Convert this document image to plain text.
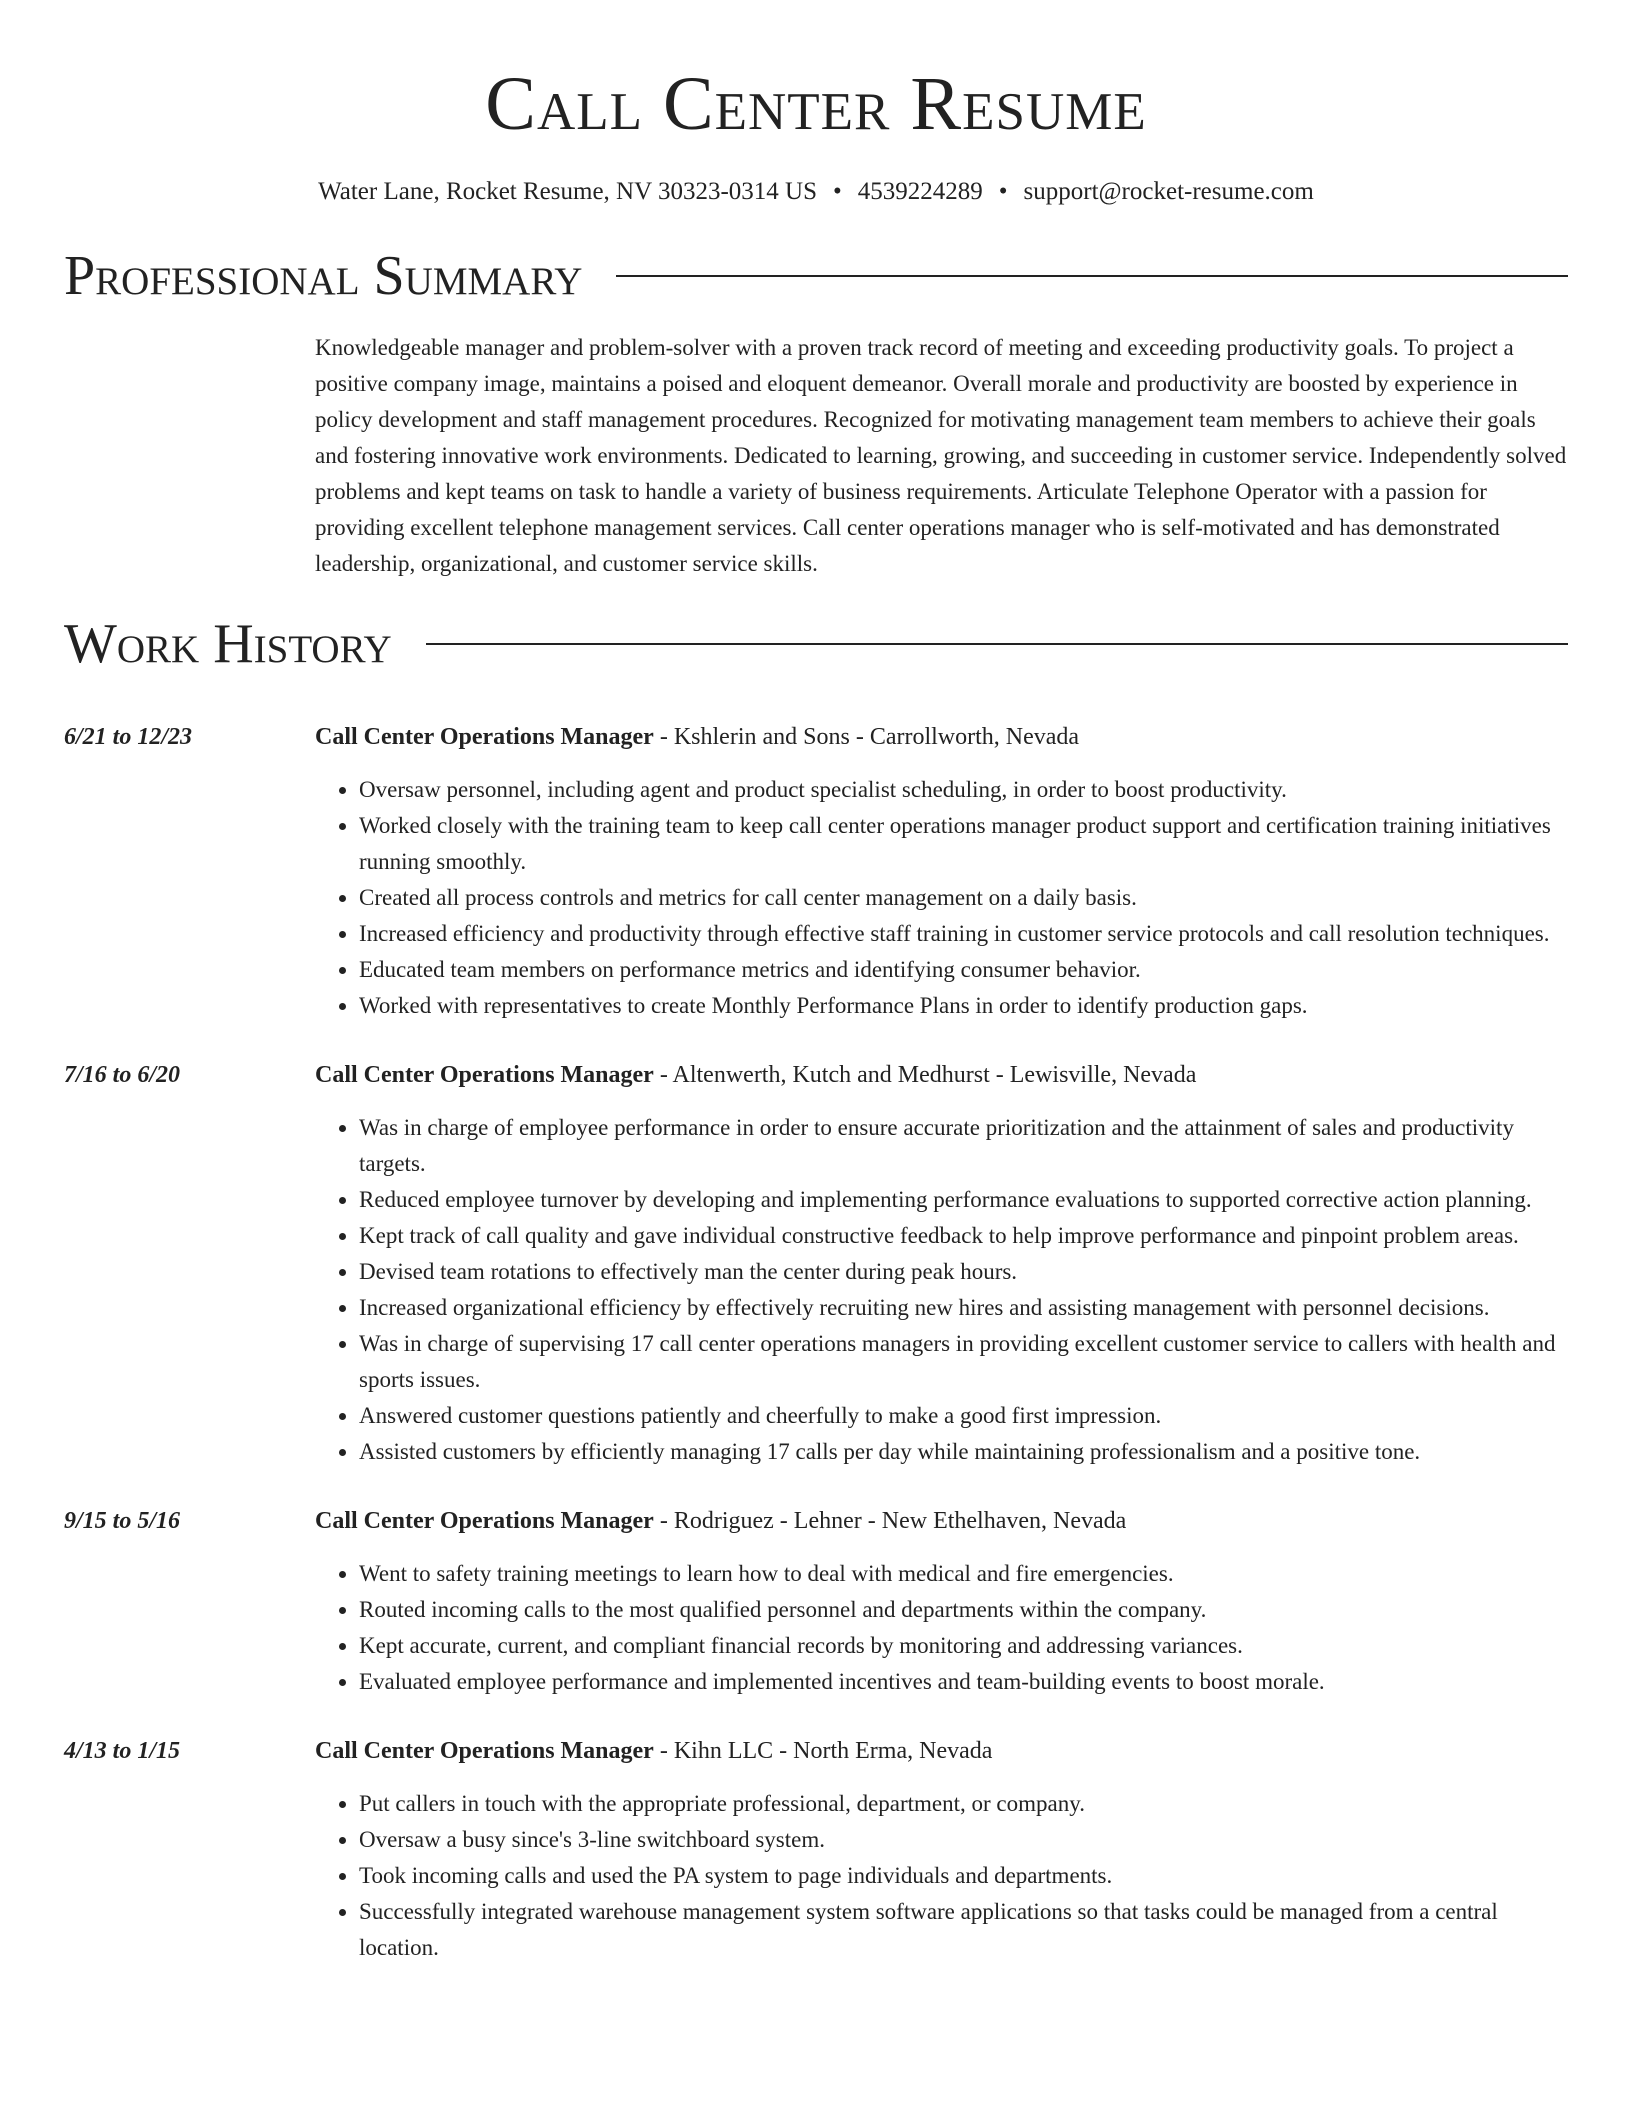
Call Center Resume
Water Lane, Rocket Resume, NV 30323-0314 US • 4539224289 • support@rocket-resume.com
Professional Summary
Knowledgeable manager and problem-solver with a proven track record of meeting and exceeding productivity goals. To project a positive company image, maintains a poised and eloquent demeanor. Overall morale and productivity are boosted by experience in policy development and staff management procedures. Recognized for motivating management team members to achieve their goals and fostering innovative work environments. Dedicated to learning, growing, and succeeding in customer service. Independently solved problems and kept teams on task to handle a variety of business requirements. Articulate Telephone Operator with a passion for providing excellent telephone management services. Call center operations manager who is self-motivated and has demonstrated leadership, organizational, and customer service skills.
Work History
6/21 to 12/23	Call Center Operations Manager - Kshlerin and Sons - Carrollworth, Nevada
• Oversaw personnel, including agent and product specialist scheduling, in order to boost productivity.
• Worked closely with the training team to keep call center operations manager product support and certification training initiatives running smoothly.
• Created all process controls and metrics for call center management on a daily basis.
• Increased efficiency and productivity through effective staff training in customer service protocols and call resolution techniques.
• Educated team members on performance metrics and identifying consumer behavior.
• Worked with representatives to create Monthly Performance Plans in order to identify production gaps.
7/16 to 6/20	Call Center Operations Manager - Altenwerth, Kutch and Medhurst - Lewisville, Nevada
• Was in charge of employee performance in order to ensure accurate prioritization and the attainment of sales and productivity targets.
• Reduced employee turnover by developing and implementing performance evaluations to supported corrective action planning.
• Kept track of call quality and gave individual constructive feedback to help improve performance and pinpoint problem areas.
• Devised team rotations to effectively man the center during peak hours.
• Increased organizational efficiency by effectively recruiting new hires and assisting management with personnel decisions.
• Was in charge of supervising 17 call center operations managers in providing excellent customer service to callers with health and sports issues.
• Answered customer questions patiently and cheerfully to make a good first impression.
• Assisted customers by efficiently managing 17 calls per day while maintaining professionalism and a positive tone.
9/15 to 5/16	Call Center Operations Manager - Rodriguez - Lehner - New Ethelhaven, Nevada
• Went to safety training meetings to learn how to deal with medical and fire emergencies.
• Routed incoming calls to the most qualified personnel and departments within the company.
• Kept accurate, current, and compliant financial records by monitoring and addressing variances.
• Evaluated employee performance and implemented incentives and team-building events to boost morale.
4/13 to 1/15	Call Center Operations Manager - Kihn LLC - North Erma, Nevada
• Put callers in touch with the appropriate professional, department, or company.
• Oversaw a busy since's 3-line switchboard system.
• Took incoming calls and used the PA system to page individuals and departments.
• Successfully integrated warehouse management system software applications so that tasks could be managed from a central location.
